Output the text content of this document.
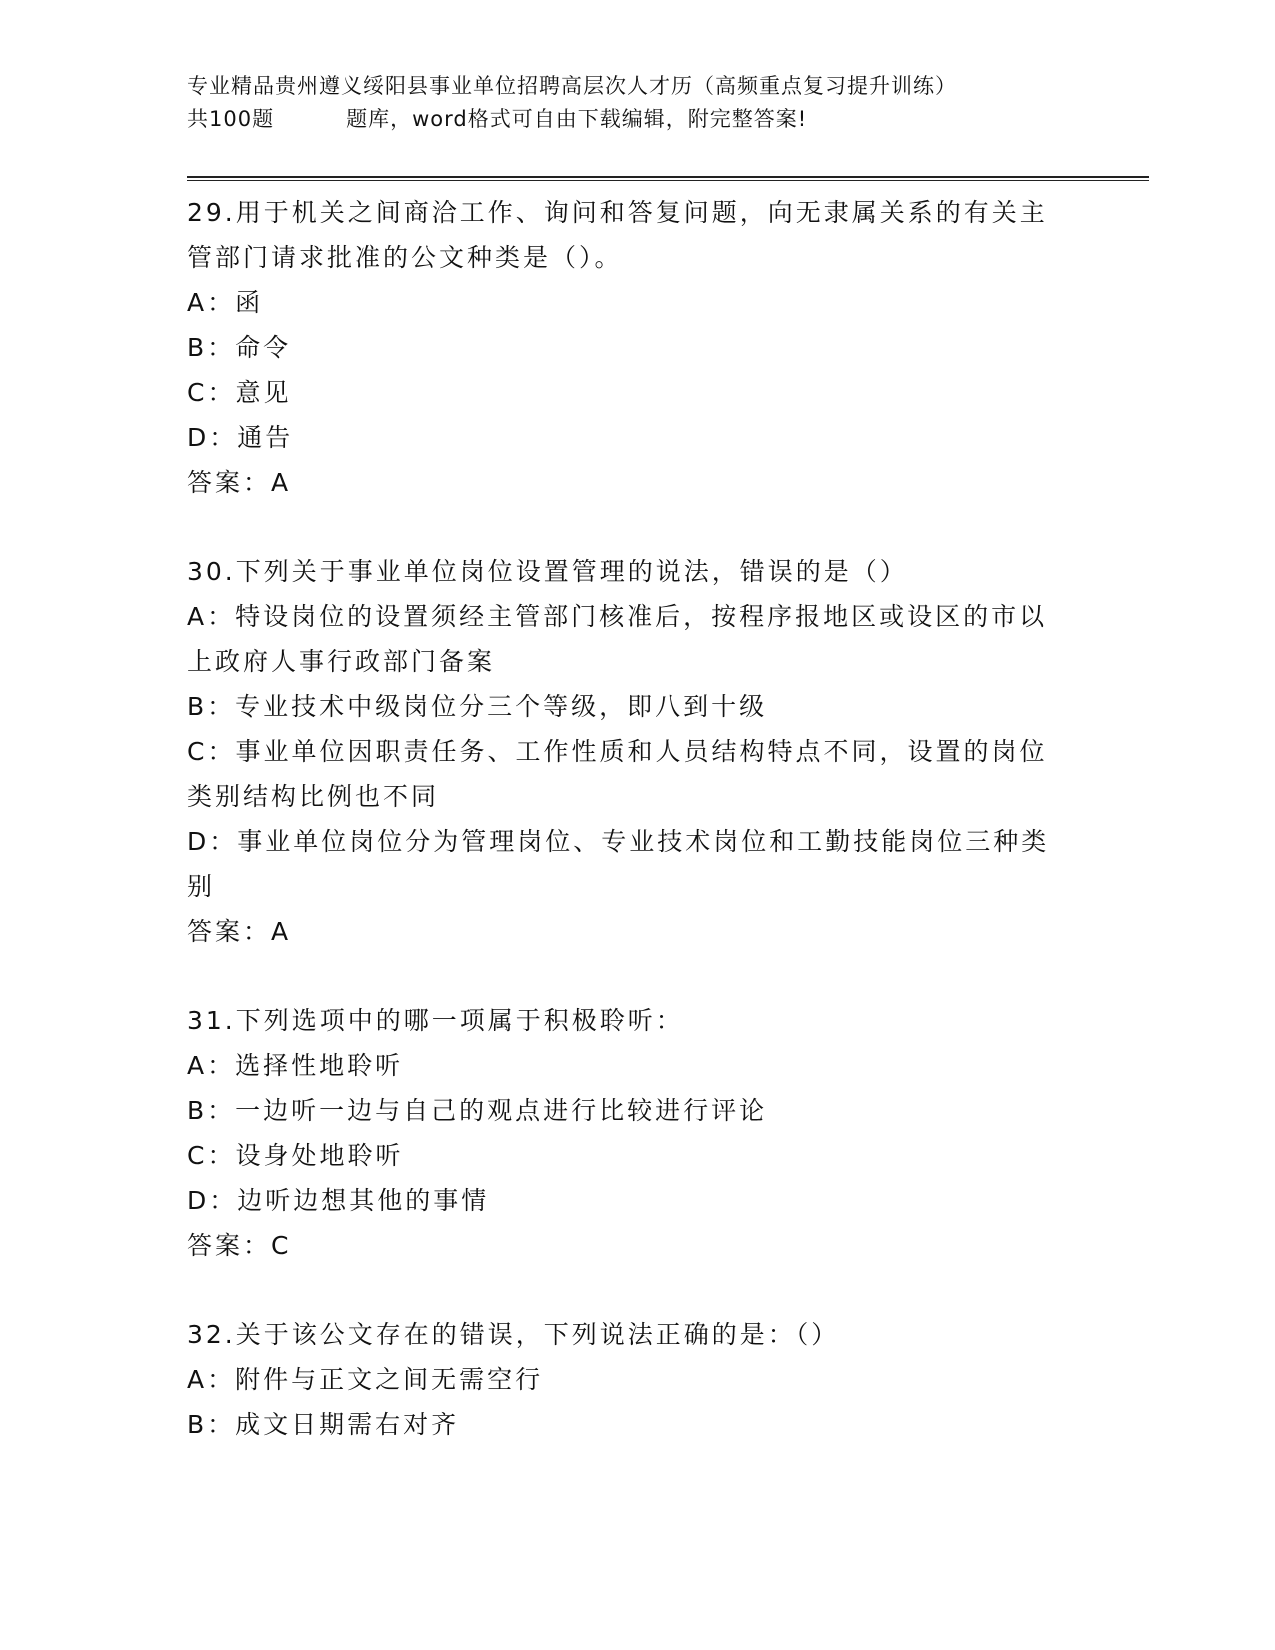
专业精品贵州遵义绥阳县事业单位招聘高层次人才历（高频重点复习提升训练）
共100题	题库，word格式可自由下载编辑，附完整答案!

29.用于机关之间商洽工作、询问和答复问题，向无隶属关系的有关主

管部门请求批准的公文种类是（）。

A：函

B：命令

C：意见

D：通告

答案：A

30.下列关于事业单位岗位设置管理的说法，错误的是（）

A：特设岗位的设置须经主管部门核准后，按程序报地区或设区的市以

上政府人事行政部门备案

B：专业技术中级岗位分三个等级，即八到十级

C：事业单位因职责任务、工作性质和人员结构特点不同，设置的岗位

类别结构比例也不同

D：事业单位岗位分为管理岗位、专业技术岗位和工勤技能岗位三种类

别

答案：A

31.下列选项中的哪一项属于积极聆听：

A：选择性地聆听

B：一边听一边与自己的观点进行比较进行评论

C：设身处地聆听

D：边听边想其他的事情

答案：C

32.关于该公文存在的错误，下列说法正确的是：（）

A：附件与正文之间无需空行

B：成文日期需右对齐
